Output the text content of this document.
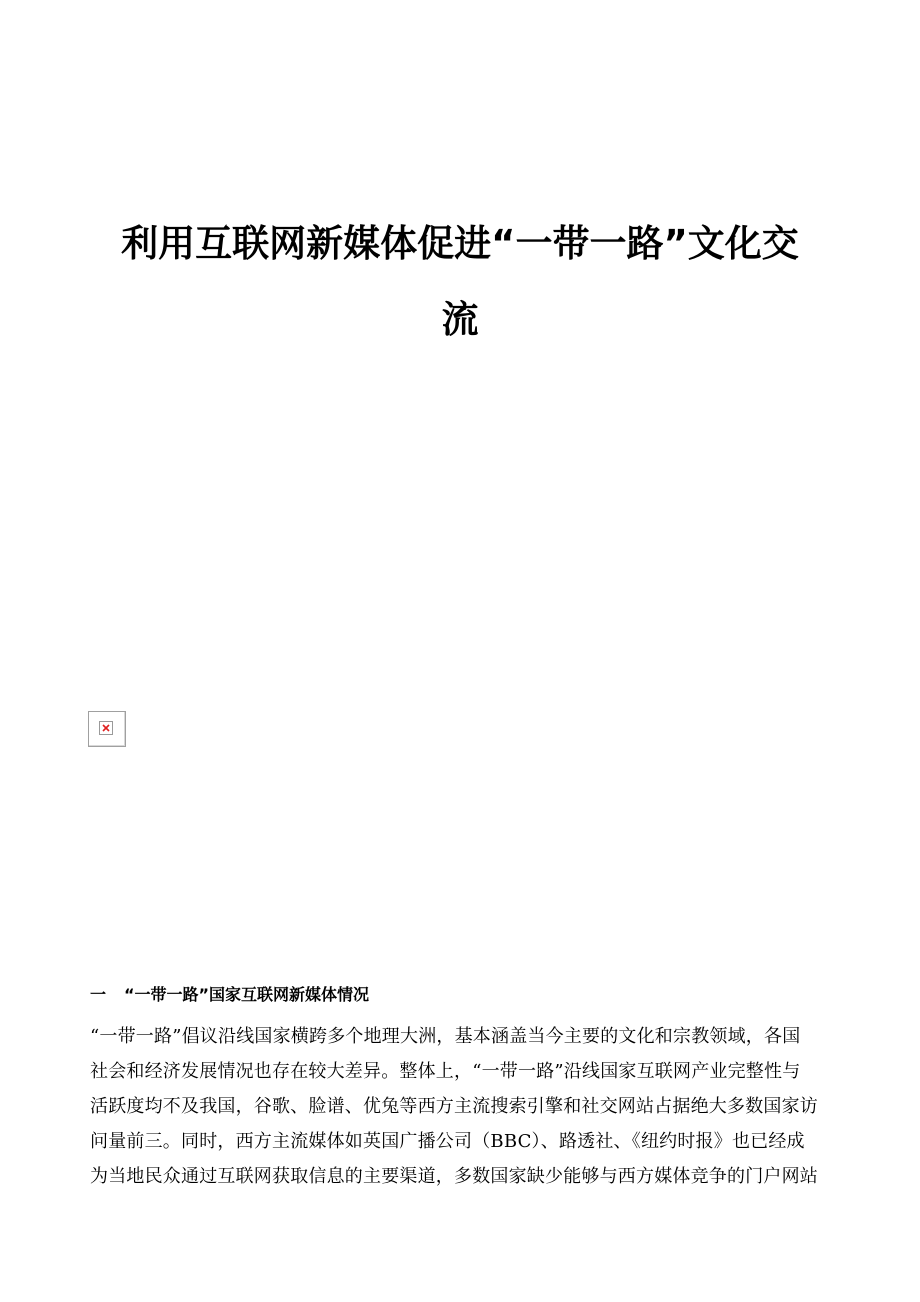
利用互联网新媒体促进“一带一路”文化交
流
一 “一带一路”国家互联网新媒体情况
“一带一路”倡议沿线国家横跨多个地理大洲，基本涵盖当今主要的文化和宗教领域，各国
社会和经济发展情况也存在较大差异。整体上，“一带一路”沿线国家互联网产业完整性与
活跃度均不及我国，谷歌、脸谱、优兔等西方主流搜索引擎和社交网站占据绝大多数国家访
问量前三。同时，西方主流媒体如英国广播公司（BBC）、路透社、《纽约时报》也已经成
为当地民众通过互联网获取信息的主要渠道，多数国家缺少能够与西方媒体竞争的门户网站
